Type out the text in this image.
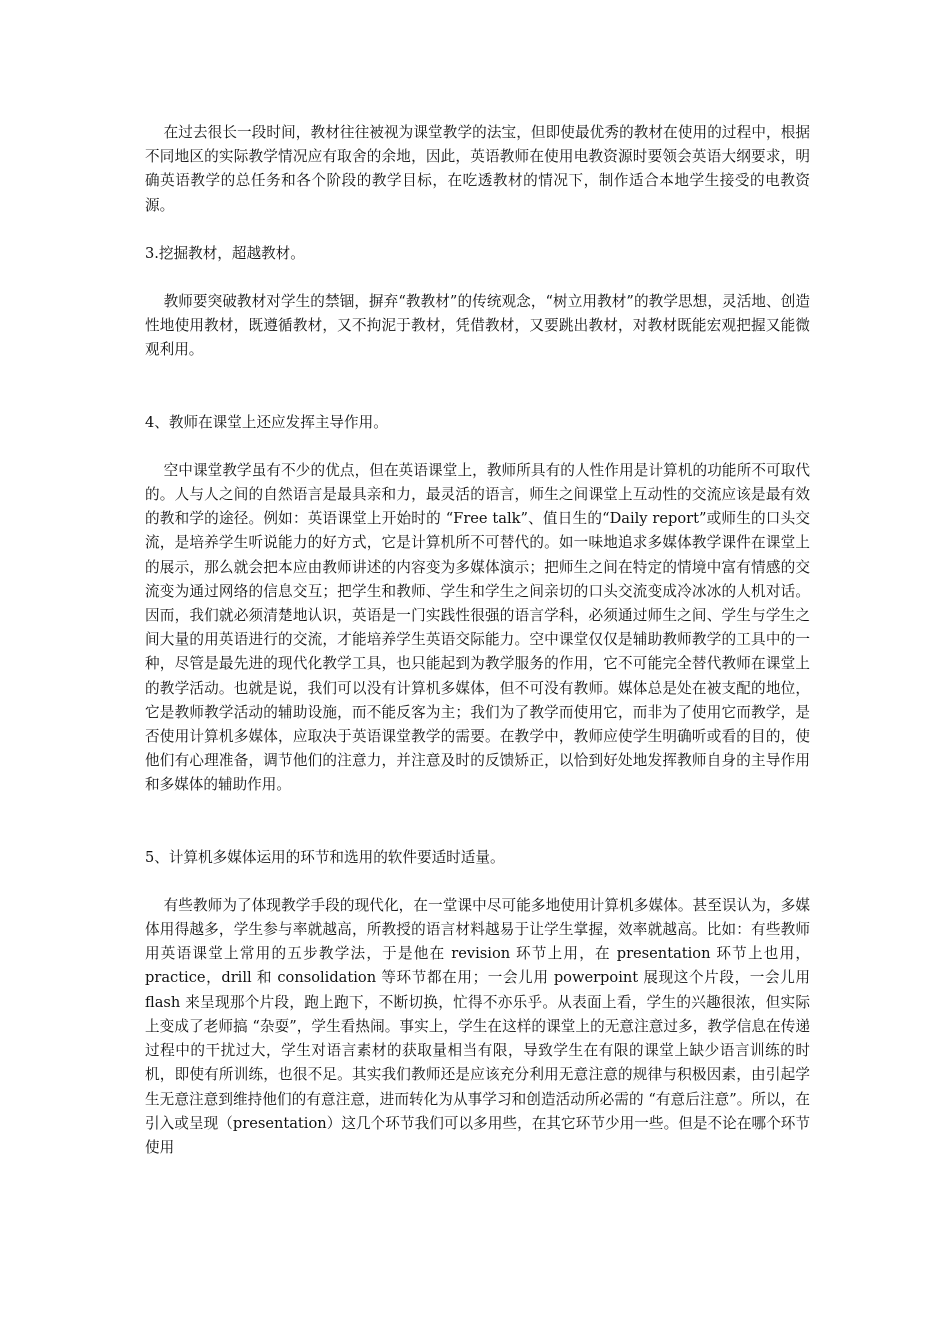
在过去很长一段时间，教材往往被视为课堂教学的法宝，但即使最优秀的教材在使用的过程中，根据不同地区的实际教学情况应有取舍的余地，因此，英语教师在使用电教资源时要领会英语大纲要求，明确英语教学的总任务和各个阶段的教学目标，在吃透教材的情况下，制作适合本地学生接受的电教资源。

3.挖掘教材，超越教材。

教师要突破教材对学生的禁锢，摒弃“教教材”的传统观念，“树立用教材”的教学思想，灵活地、创造性地使用教材，既遵循教材，又不拘泥于教材，凭借教材，又要跳出教材，对教材既能宏观把握又能微观利用。

4、教师在课堂上还应发挥主导作用。

空中课堂教学虽有不少的优点，但在英语课堂上，教师所具有的人性作用是计算机的功能所不可取代的。人与人之间的自然语言是最具亲和力，最灵活的语言，师生之间课堂上互动性的交流应该是最有效的教和学的途径。例如：英语课堂上开始时的 “Free talk”、值日生的“Daily report”或师生的口头交流，是培养学生听说能力的好方式，它是计算机所不可替代的。如一味地追求多媒体教学课件在课堂上的展示，那么就会把本应由教师讲述的内容变为多媒体演示；把师生之间在特定的情境中富有情感的交流变为通过网络的信息交互；把学生和教师、学生和学生之间亲切的口头交流变成冷冰冰的人机对话。因而，我们就必须清楚地认识，英语是一门实践性很强的语言学科，必须通过师生之间、学生与学生之间大量的用英语进行的交流，才能培养学生英语交际能力。空中课堂仅仅是辅助教师教学的工具中的一种，尽管是最先进的现代化教学工具，也只能起到为教学服务的作用，它不可能完全替代教师在课堂上的教学活动。也就是说，我们可以没有计算机多媒体，但不可没有教师。媒体总是处在被支配的地位，它是教师教学活动的辅助设施，而不能反客为主；我们为了教学而使用它，而非为了使用它而教学，是否使用计算机多媒体，应取决于英语课堂教学的需要。在教学中，教师应使学生明确听或看的目的，使他们有心理准备，调节他们的注意力，并注意及时的反馈矫正，以恰到好处地发挥教师自身的主导作用和多媒体的辅助作用。

5、计算机多媒体运用的环节和选用的软件要适时适量。

有些教师为了体现教学手段的现代化，在一堂课中尽可能多地使用计算机多媒体。甚至误认为，多媒体用得越多，学生参与率就越高，所教授的语言材料越易于让学生掌握，效率就越高。比如：有些教师用英语课堂上常用的五步教学法，于是他在 revision 环节上用，在 presentation 环节上也用，practice，drill 和 consolidation 等环节都在用；一会儿用 powerpoint 展现这个片段，一会儿用 flash 来呈现那个片段，跑上跑下，不断切换，忙得不亦乐乎。从表面上看，学生的兴趣很浓，但实际上变成了老师搞 “杂耍”，学生看热闹。事实上，学生在这样的课堂上的无意注意过多，教学信息在传递过程中的干扰过大，学生对语言素材的获取量相当有限，导致学生在有限的课堂上缺少语言训练的时机，即使有所训练，也很不足。其实我们教师还是应该充分利用无意注意的规律与积极因素，由引起学生无意注意到维持他们的有意注意，进而转化为从事学习和创造活动所必需的 “有意后注意”。所以，在引入或呈现（presentation）这几个环节我们可以多用些，在其它环节少用一些。但是不论在哪个环节使用
